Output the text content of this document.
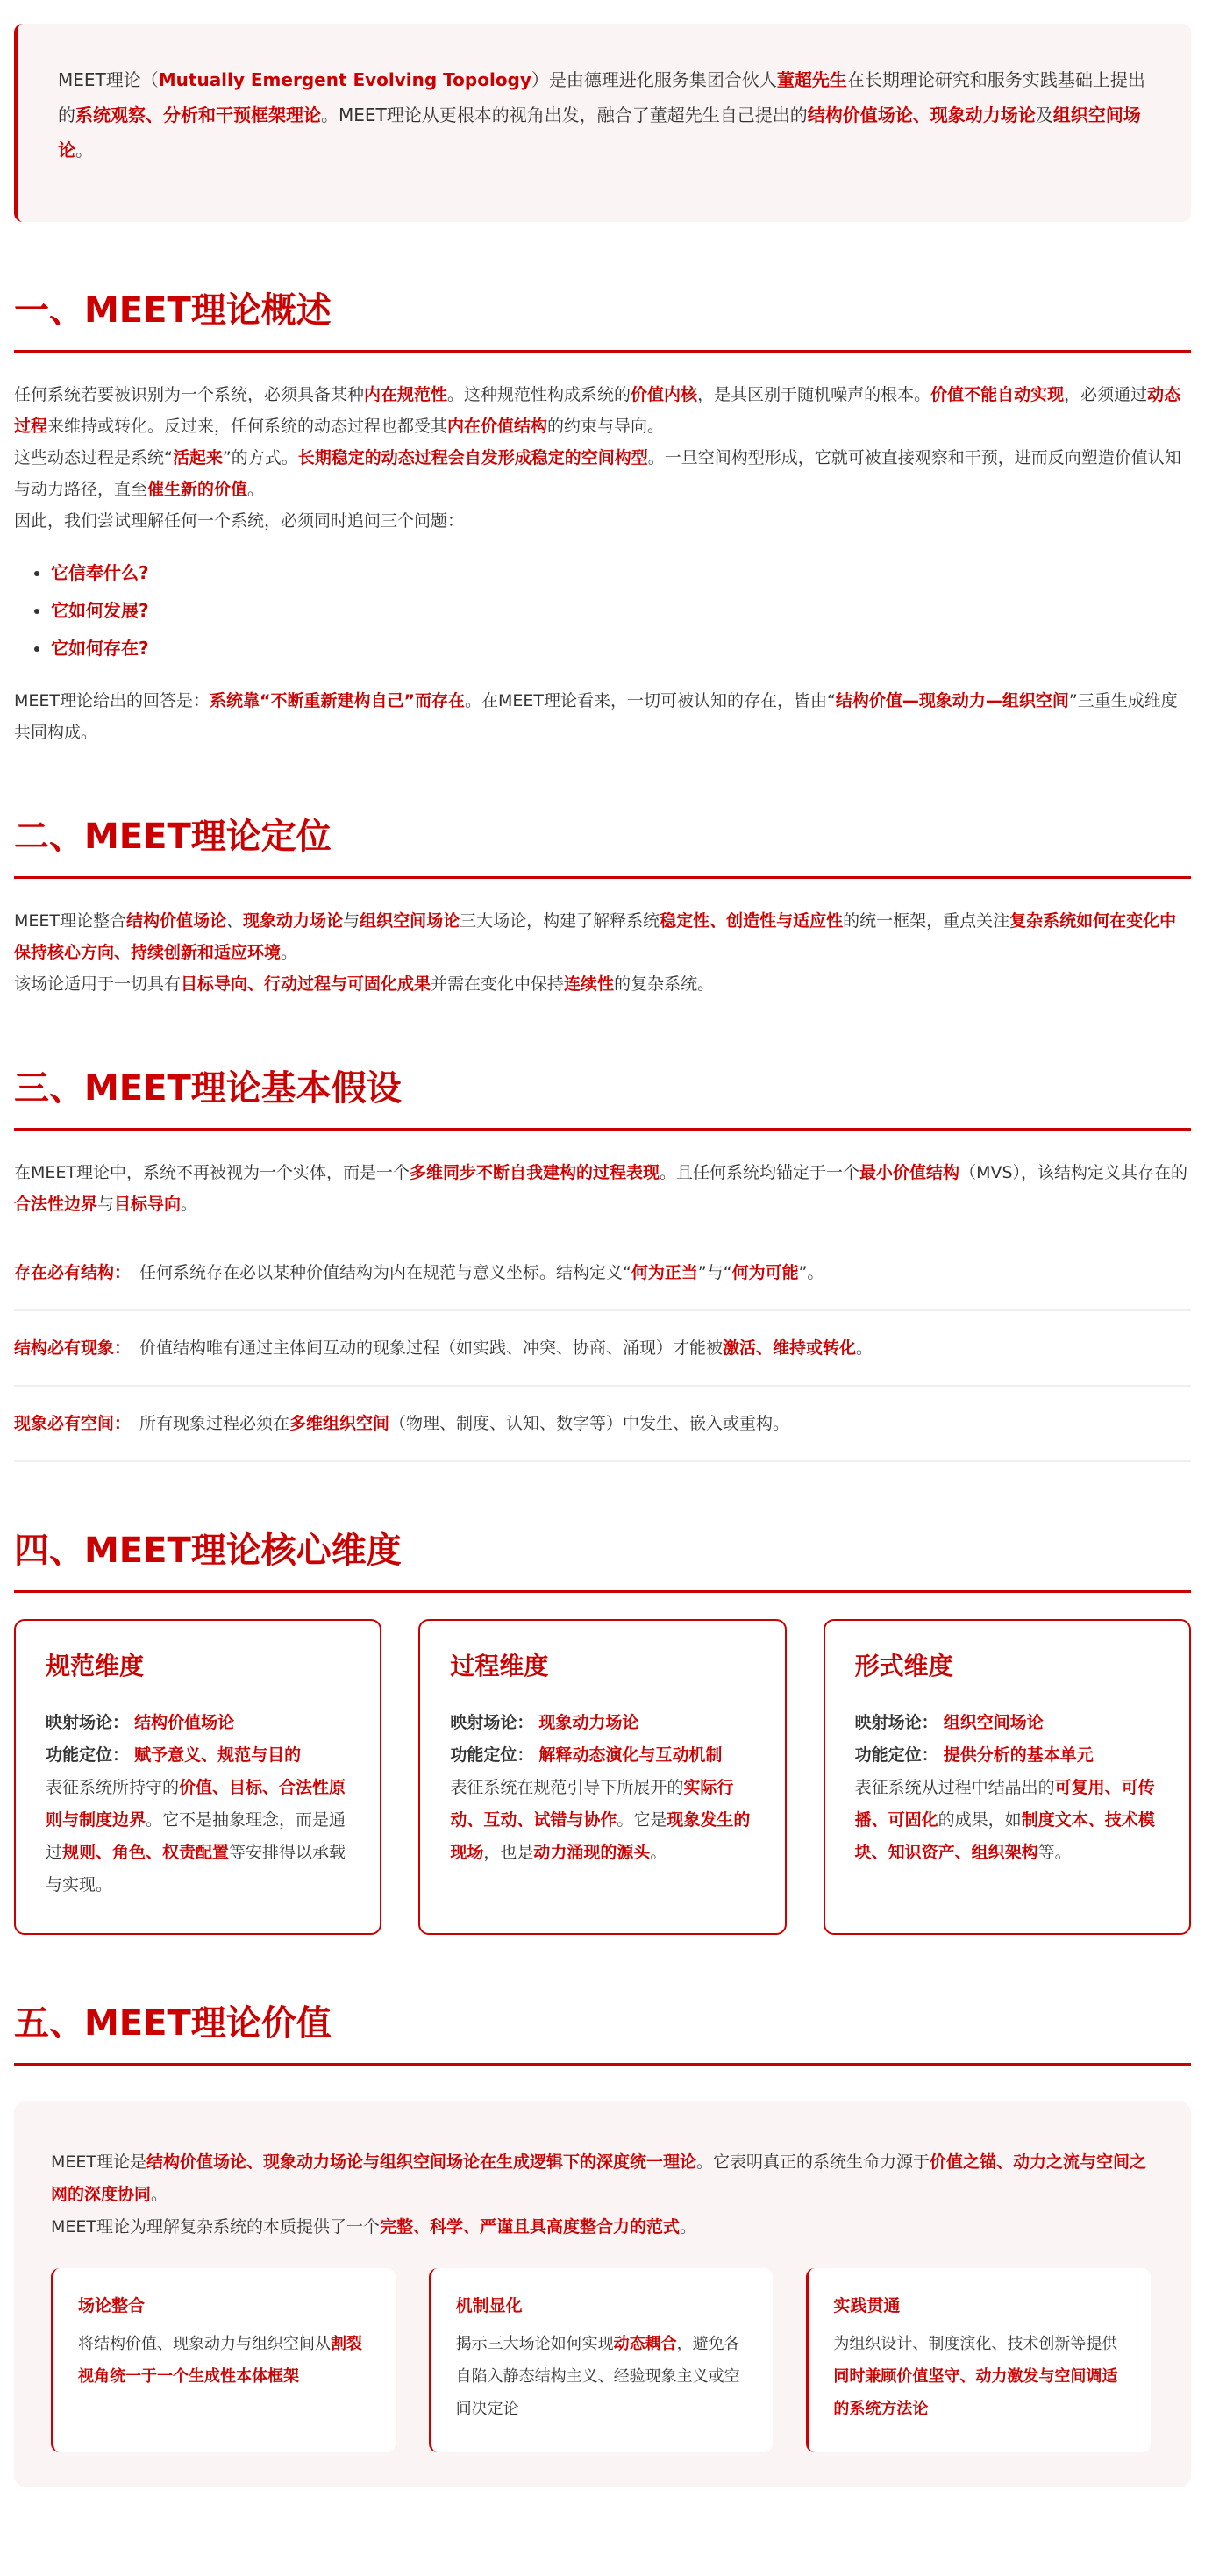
MEET理论（Mutually Emergent Evolving Topology）是由德理进化服务集团合伙人董超先生在长期理论研究和服务实践基础上提出的系统观察、分析和干预框架理论。MEET理论从更根本的视角出发，融合了董超先生自己提出的结构价值场论、现象动力场论及组织空间场论。

一、MEET理论概述

任何系统若要被识别为一个系统，必须具备某种内在规范性。这种规范性构成系统的价值内核，是其区别于随机噪声的根本。价值不能自动实现，必须通过动态过程来维持或转化。反过来，任何系统的动态过程也都受其内在价值结构的约束与导向。

这些动态过程是系统“活起来”的方式。长期稳定的动态过程会自发形成稳定的空间构型。一旦空间构型形成，它就可被直接观察和干预，进而反向塑造价值认知与动力路径，直至催生新的价值。

因此，我们尝试理解任何一个系统，必须同时追问三个问题：

• 它信奉什么?
• 它如何发展?
• 它如何存在?

MEET理论给出的回答是：系统靠“不断重新建构自己”而存在。在MEET理论看来，一切可被认知的存在，皆由“结构价值—现象动力—组织空间”三重生成维度共同构成。

二、MEET理论定位

MEET理论整合结构价值场论、现象动力场论与组织空间场论三大场论，构建了解释系统稳定性、创造性与适应性的统一框架，重点关注复杂系统如何在变化中保持核心方向、持续创新和适应环境。

该场论适用于一切具有目标导向、行动过程与可固化成果并需在变化中保持连续性的复杂系统。

三、MEET理论基本假设

在MEET理论中，系统不再被视为一个实体，而是一个多维同步不断自我建构的过程表现。且任何系统均锚定于一个最小价值结构（MVS），该结构定义其存在的合法性边界与目标导向。

存在必有结构： 任何系统存在必以某种价值结构为内在规范与意义坐标。结构定义“何为正当”与“何为可能”。
结构必有现象： 价值结构唯有通过主体间互动的现象过程（如实践、冲突、协商、涌现）才能被激活、维持或转化。
现象必有空间： 所有现象过程必须在多维组织空间（物理、制度、认知、数字等）中发生、嵌入或重构。
四、MEET理论核心维度
规范维度
映射场论： 结构价值场论
功能定位： 赋予意义、规范与目的
表征系统所持守的价值、目标、合法性原则与制度边界。它不是抽象理念，而是通过规则、角色、权责配置等安排得以承载与实现。
过程维度
映射场论： 现象动力场论
功能定位： 解释动态演化与互动机制
表征系统在规范引导下所展开的实际行动、互动、试错与协作。它是现象发生的现场，也是动力涌现的源头。
形式维度
映射场论： 组织空间场论
功能定位： 提供分析的基本单元
表征系统从过程中结晶出的可复用、可传播、可固化的成果，如制度文本、技术模块、知识资产、组织架构等。
五、MEET理论价值

MEET理论是结构价值场论、现象动力场论与组织空间场论在生成逻辑下的深度统一理论。它表明真正的系统生命力源于价值之锚、动力之流与空间之网的深度协同。

MEET理论为理解复杂系统的本质提供了一个完整、科学、严谨且具高度整合力的范式。

场论整合
将结构价值、现象动力与组织空间从割裂视角统一于一个生成性本体框架
机制显化
揭示三大场论如何实现动态耦合，避免各自陷入静态结构主义、经验现象主义或空间决定论
实践贯通
为组织设计、制度演化、技术创新等提供同时兼顾价值坚守、动力激发与空间调适的系统方法论
